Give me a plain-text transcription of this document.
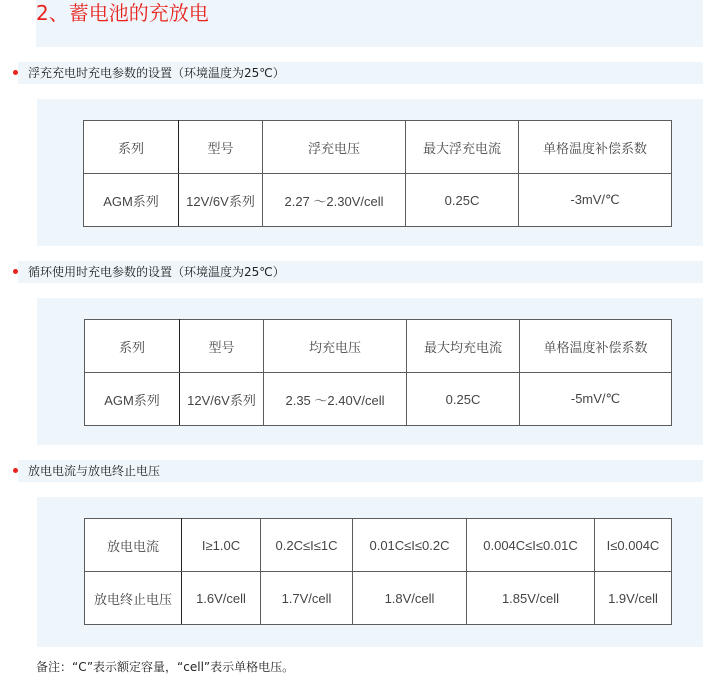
2、蓄电池的充放电
浮充充电时充电参数的设置（环境温度为25℃）
系列	型号	浮充电压	最大浮充电流	单格温度补偿系数
AGM系列	12V/6V系列	2.27 ～2.30V/cell	0.25C	-3mV/℃
循环使用时充电参数的设置（环境温度为25℃）
系列	型号	均充电压	最大均充电流	单格温度补偿系数
AGM系列	12V/6V系列	2.35 ～2.40V/cell	0.25C	-5mV/℃
放电电流与放电终止电压
放电电流	I≥1.0C	0.2C≤I≤1C	0.01C≤I≤0.2C	0.004C≤I≤0.01C	I≤0.004C
放电终止电压	1.6V/cell	1.7V/cell	1.8V/cell	1.85V/cell	1.9V/cell
备注：“C”表示额定容量，“cell”表示单格电压。
